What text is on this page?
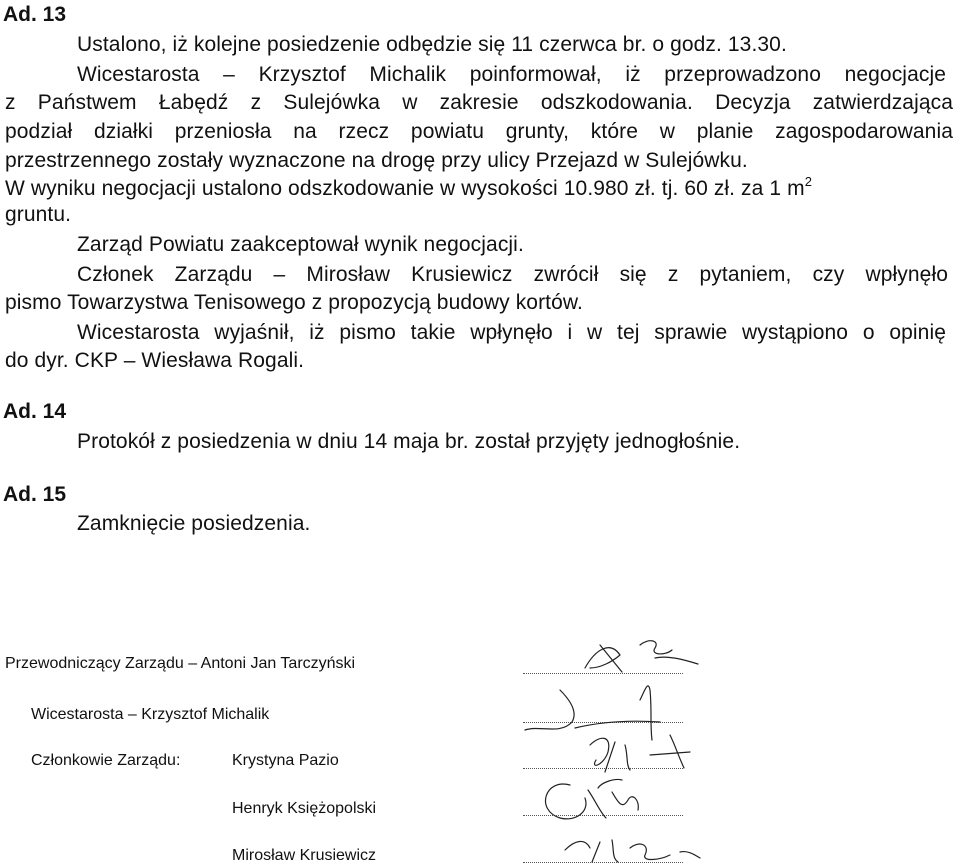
Ad. 13
Ustalono, iż kolejne posiedzenie odbędzie się 11 czerwca br. o godz. 13.30.
Wicestarosta – Krzysztof Michalik poinformował, iż przeprowadzono negocjacje
z Państwem Łabędź z Sulejówka w zakresie odszkodowania. Decyzja zatwierdzająca
podział działki przeniosła na rzecz powiatu grunty, które w planie zagospodarowania
przestrzennego zostały wyznaczone na drogę przy ulicy Przejazd w Sulejówku.
W wyniku negocjacji ustalono odszkodowanie w wysokości 10.980 zł. tj. 60 zł. za 1 $m^2$
gruntu.
Zarząd Powiatu zaakceptował wynik negocjacji.
Członek Zarządu – Mirosław Krusiewicz zwrócił się z pytaniem, czy wpłynęło
pismo Towarzystwa Tenisowego z propozycją budowy kortów.
Wicestarosta wyjaśnił, iż pismo takie wpłynęło i w tej sprawie wystąpiono o opinię
do dyr. CKP – Wiesława Rogali.
Ad. 14
Protokół z posiedzenia w dniu 14 maja br. został przyjęty jednogłośnie.
Ad. 15
Zamknięcie posiedzenia.
Przewodniczący Zarządu – Antoni Jan Tarczyński
Wicestarosta – Krzysztof Michalik
Członkowie Zarządu:	Krystyna Pazio
Henryk Księżopolski
Mirosław Krusiewicz
